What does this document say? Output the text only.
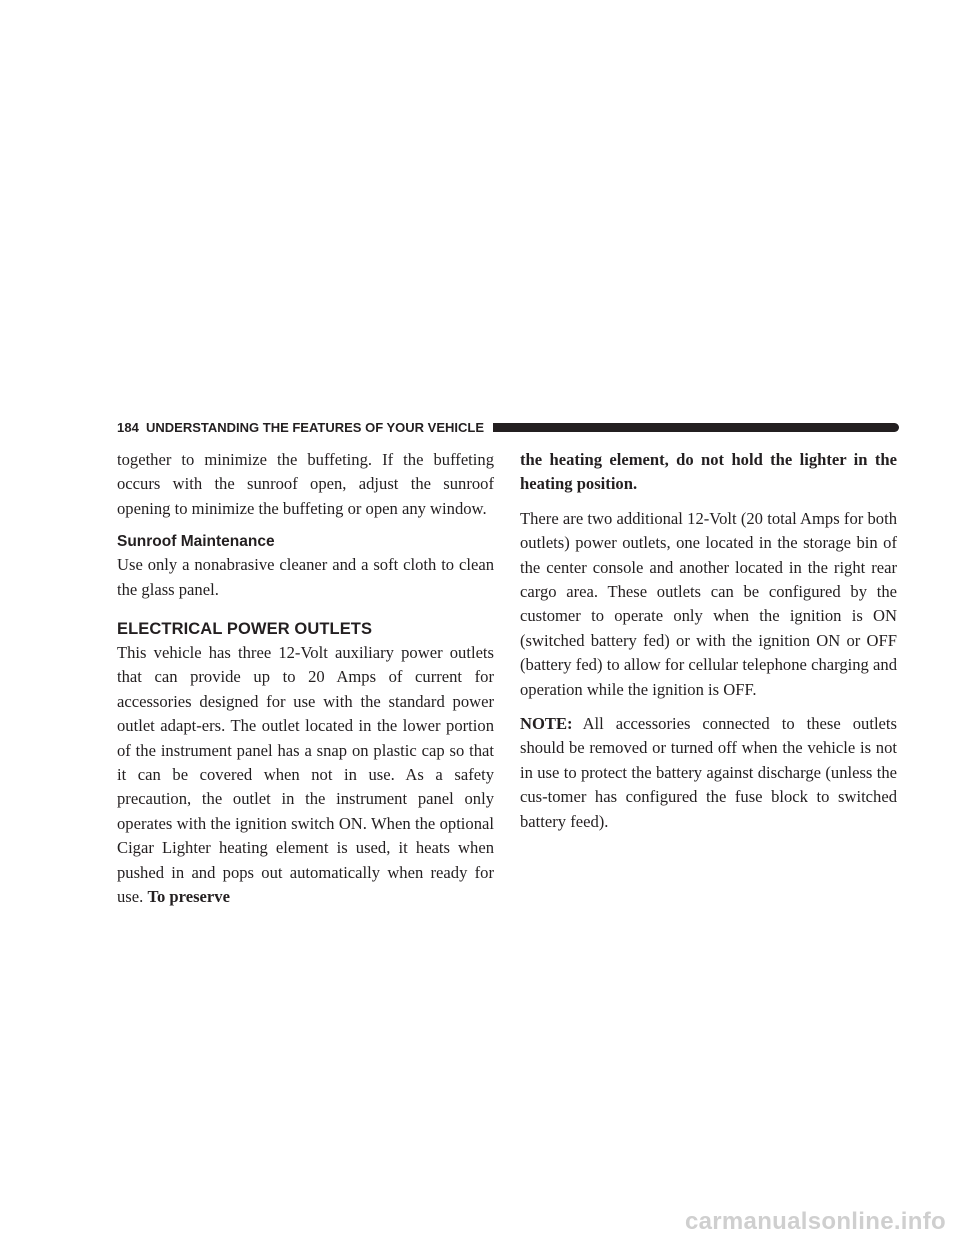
184 UNDERSTANDING THE FEATURES OF YOUR VEHICLE

together to minimize the buffeting. If the buffeting occurs with the sunroof open, adjust the sunroof opening to minimize the buffeting or open any window.

Sunroof Maintenance

Use only a nonabrasive cleaner and a soft cloth to clean the glass panel.

ELECTRICAL POWER OUTLETS

This vehicle has three 12-Volt auxiliary power outlets that can provide up to 20 Amps of current for accessories designed for use with the standard power outlet adapt-ers. The outlet located in the lower portion of the instrument panel has a snap on plastic cap so that it can be covered when not in use. As a safety precaution, the outlet in the instrument panel only operates with the ignition switch ON. When the optional Cigar Lighter heating element is used, it heats when pushed in and pops out automatically when ready for use. To preserve

the heating element, do not hold the lighter in the heating position.

There are two additional 12-Volt (20 total Amps for both outlets) power outlets, one located in the storage bin of the center console and another located in the right rear cargo area. These outlets can be configured by the customer to operate only when the ignition is ON (switched battery fed) or with the ignition ON or OFF (battery fed) to allow for cellular telephone charging and operation while the ignition is OFF.

NOTE: All accessories connected to these outlets should be removed or turned off when the vehicle is not in use to protect the battery against discharge (unless the cus-tomer has configured the fuse block to switched battery feed).

carmanualsonline.info
